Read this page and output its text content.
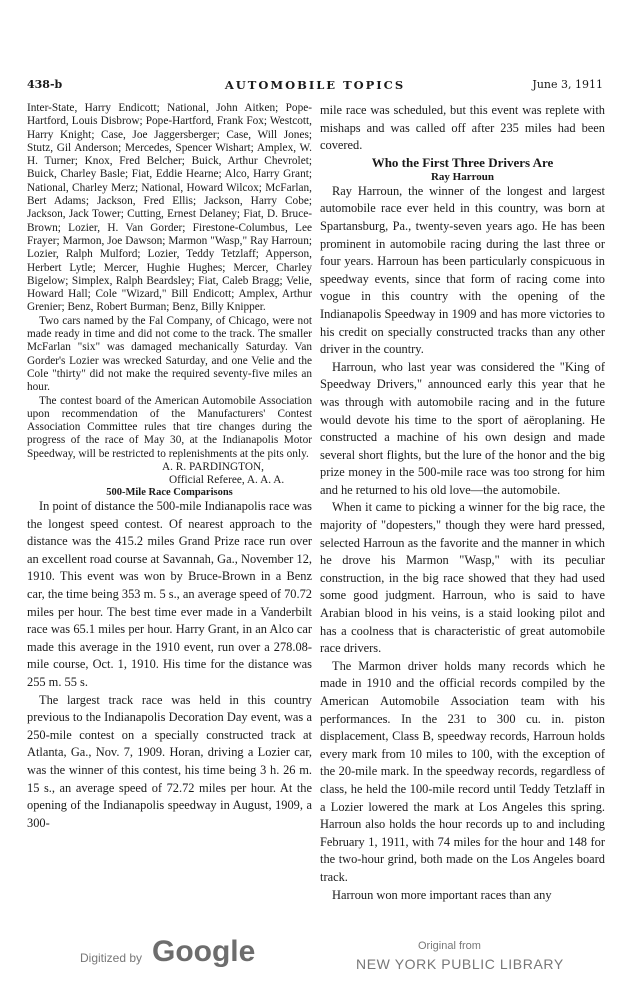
438-b	AUTOMOBILE TOPICS	June 3, 1911

Inter-State, Harry Endicott; National, John Aitken; Pope-Hartford, Louis Disbrow; Pope-Hartford, Frank Fox; Westcott, Harry Knight; Case, Joe Jaggersberger; Case, Will Jones; Stutz, Gil Anderson; Mercedes, Spencer Wishart; Amplex, W. H. Turner; Knox, Fred Belcher; Buick, Arthur Chevrolet; Buick, Charley Basle; Fiat, Eddie Hearne; Alco, Harry Grant; National, Charley Merz; National, Howard Wilcox; McFarlan, Bert Adams; Jackson, Fred Ellis; Jackson, Harry Cobe; Jackson, Jack Tower; Cutting, Ernest Delaney; Fiat, D. Bruce-Brown; Lozier, H. Van Gorder; Firestone-Columbus, Lee Frayer; Marmon, Joe Dawson; Marmon "Wasp," Ray Harroun; Lozier, Ralph Mulford; Lozier, Teddy Tetzlaff; Apperson, Herbert Lytle; Mercer, Hughie Hughes; Mercer, Charley Bigelow; Simplex, Ralph Beardsley; Fiat, Caleb Bragg; Velie, Howard Hall; Cole "Wizard," Bill Endicott; Amplex, Arthur Grenier; Benz, Robert Burman; Benz, Billy Knipper.

Two cars named by the Fal Company, of Chicago, were not made ready in time and did not come to the track. The smaller McFarlan "six" was damaged mechanically Saturday. Van Gorder's Lozier was wrecked Saturday, and one Velie and the Cole "thirty" did not make the required seventy-five miles an hour.

The contest board of the American Automobile Association upon recommendation of the Manufacturers' Contest Association Committee rules that tire changes during the progress of the race of May 30, at the Indianapolis Motor Speedway, will be restricted to replenishments at the pits only.

A. R. PARDINGTON,

Official Referee, A. A. A.

500-Mile Race Comparisons

In point of distance the 500-mile Indianapolis race was the longest speed contest. Of nearest approach to the distance was the 415.2 miles Grand Prize race run over an excellent road course at Savannah, Ga., November 12, 1910. This event was won by Bruce-Brown in a Benz car, the time being 353 m. 5 s., an average speed of 70.72 miles per hour. The best time ever made in a Vanderbilt race was 65.1 miles per hour. Harry Grant, in an Alco car made this average in the 1910 event, run over a 278.08-mile course, Oct. 1, 1910. His time for the distance was 255 m. 55 s.

The largest track race was held in this country previous to the Indianapolis Decoration Day event, was a 250-mile contest on a specially constructed track at Atlanta, Ga., Nov. 7, 1909. Horan, driving a Lozier car, was the winner of this contest, his time being 3 h. 26 m. 15 s., an average speed of 72.72 miles per hour. At the opening of the Indianapolis speedway in August, 1909, a 300-

mile race was scheduled, but this event was replete with mishaps and was called off after 235 miles had been covered.

Who the First Three Drivers Are

Ray Harroun

Ray Harroun, the winner of the longest and largest automobile race ever held in this country, was born at Spartansburg, Pa., twenty-seven years ago. He has been prominent in automobile racing during the last three or four years. Harroun has been particularly conspicuous in speedway events, since that form of racing come into vogue in this country with the opening of the Indianapolis Speedway in 1909 and has more victories to his credit on specially constructed tracks than any other driver in the country.

Harroun, who last year was considered the "King of Speedway Drivers," announced early this year that he was through with automobile racing and in the future would devote his time to the sport of aëroplaning. He constructed a machine of his own design and made several short flights, but the lure of the honor and the big prize money in the 500-mile race was too strong for him and he returned to his old love—the automobile.

When it came to picking a winner for the big race, the majority of "dopesters," though they were hard pressed, selected Harroun as the favorite and the manner in which he drove his Marmon "Wasp," with its peculiar construction, in the big race showed that they had used some good judgment. Harroun, who is said to have Arabian blood in his veins, is a staid looking pilot and has a coolness that is characteristic of great automobile race drivers.

The Marmon driver holds many records which he made in 1910 and the official records compiled by the American Automobile Association team with his performances. In the 231 to 300 cu. in. piston displacement, Class B, speedway records, Harroun holds every mark from 10 miles to 100, with the exception of the 20-mile mark. In the speedway records, regardless of class, he held the 100-mile record until Teddy Tetzlaff in a Lozier lowered the mark at Los Angeles this spring. Harroun also holds the hour records up to and including February 1, 1911, with 74 miles for the hour and 148 for the two-hour grind, both made on the Los Angeles board track.

Harroun won more important races than any

Digitized by Google	Original from
NEW YORK PUBLIC LIBRARY
